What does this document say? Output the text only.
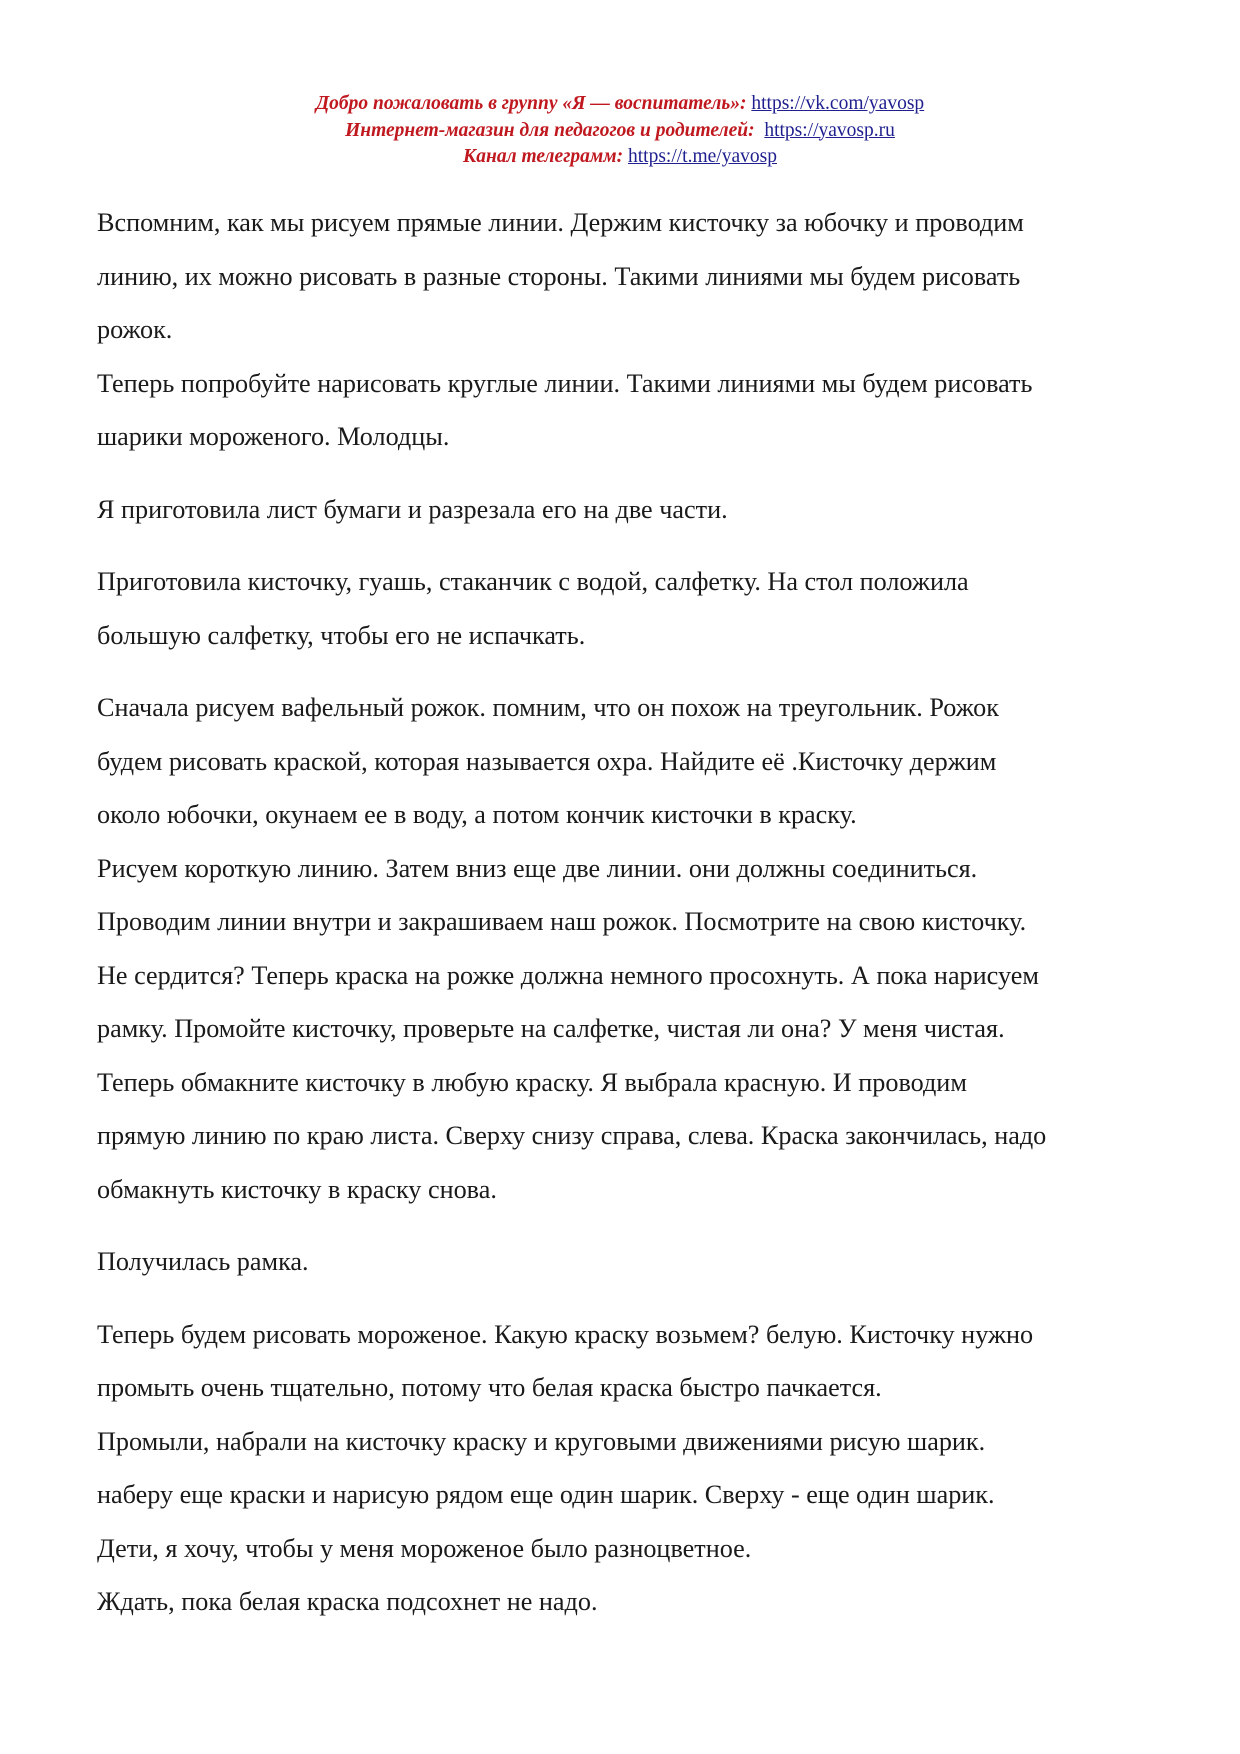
Добро пожаловать в группу «Я — воспитатель»: https://vk.com/yavosp
Интернет-магазин для педагогов и родителей: https://yavosp.ru
Канал телеграмм: https://t.me/yavosp
Вспомним, как мы рисуем прямые линии. Держим кисточку за юбочку и проводим
линию, их можно рисовать в разные стороны. Такими линиями мы будем рисовать
рожок.
Теперь попробуйте нарисовать круглые линии. Такими линиями мы будем рисовать
шарики мороженого. Молодцы.
Я приготовила лист бумаги и разрезала его на две части.
Приготовила кисточку, гуашь, стаканчик с водой, салфетку. На стол положила
большую салфетку, чтобы его не испачкать.
Сначала рисуем вафельный рожок. помним, что он похож на треугольник. Рожок
будем рисовать краской, которая называется охра. Найдите её .Кисточку держим
около юбочки, окунаем ее в воду, а потом кончик кисточки в краску.
Рисуем короткую линию. Затем вниз еще две линии. они должны соединиться.
Проводим линии внутри и закрашиваем наш рожок. Посмотрите на свою кисточку.
Не сердится? Теперь краска на рожке должна немного просохнуть. А пока нарисуем
рамку. Промойте кисточку, проверьте на салфетке, чистая ли она? У меня чистая.
Теперь обмакните кисточку в любую краску. Я выбрала красную. И проводим
прямую линию по краю листа. Сверху снизу справа, слева. Краска закончилась, надо
обмакнуть кисточку в краску снова.
Получилась рамка.
Теперь будем рисовать мороженое. Какую краску возьмем? белую. Кисточку нужно
промыть очень тщательно, потому что белая краска быстро пачкается.
Промыли, набрали на кисточку краску и круговыми движениями рисую шарик.
наберу еще краски и нарисую рядом еще один шарик. Сверху - еще один шарик.
Дети, я хочу, чтобы у меня мороженое было разноцветное.
Ждать, пока белая краска подсохнет не надо.
